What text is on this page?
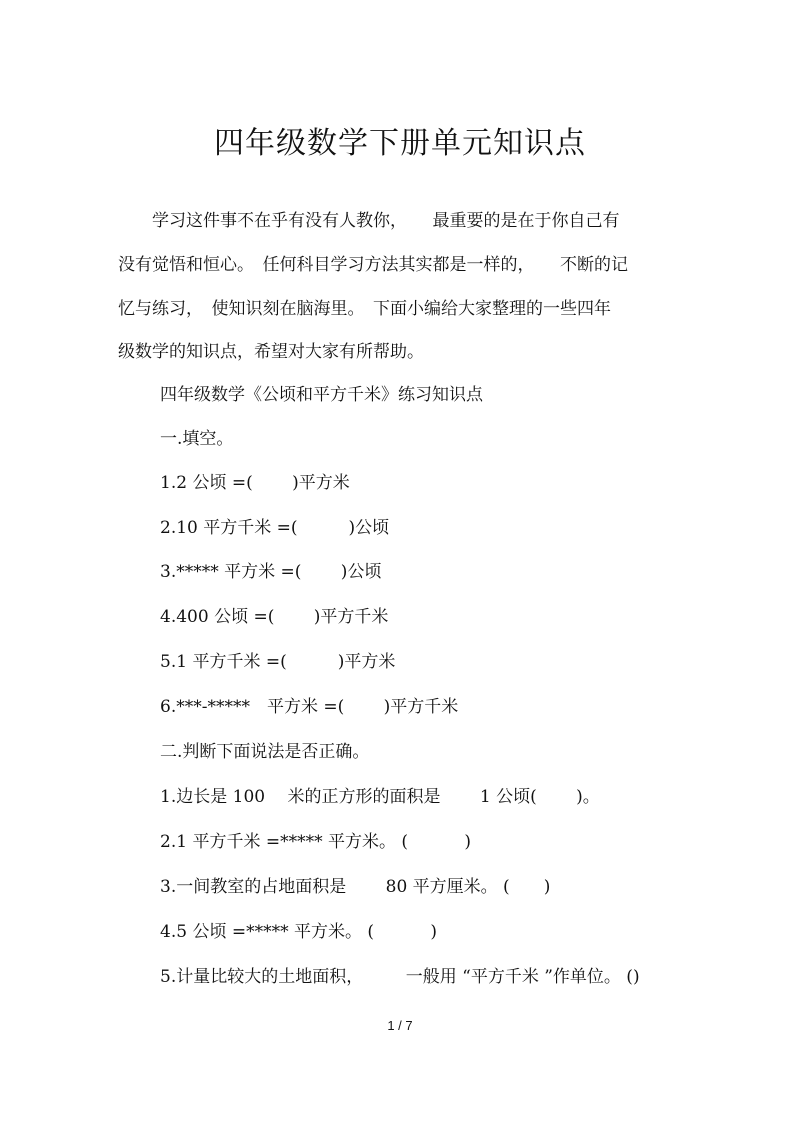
四年级数学下册单元知识点
　　学习这件事不在乎有没有人教你，　　最重要的是在于你自己有
没有觉悟和恒心。　任何科目学习方法其实都是一样的，　　不断的记
忆与练习，　使知识刻在脑海里。　下面小编给大家整理的一些四年
级数学的知识点，希望对大家有所帮助。
四年级数学《公顷和平方千米》练习知识点
一.填空。
1.2 公顷 =(　　 )平方米
2.10 平方千米 =(　　　)公顷
3.***** 平方米 =(　　 )公顷
4.400 公顷 =(　　 )平方千米
5.1 平方千米 =(　　　)平方米
6.***-*****　平方米 =(　　 )平方千米
二.判断下面说法是否正确。
1.边长是 100　 米的正方形的面积是　　 1 公顷(　　 )。
2.1 平方千米 =***** 平方米。 (　　　 )
3.一间教室的占地面积是　　 80 平方厘米。 (　　)
4.5 公顷 =***** 平方米。 (　　　 )
5.计量比较大的土地面积，　　　一般用 “平方千米 ”作单位。 ()
1 / 7
